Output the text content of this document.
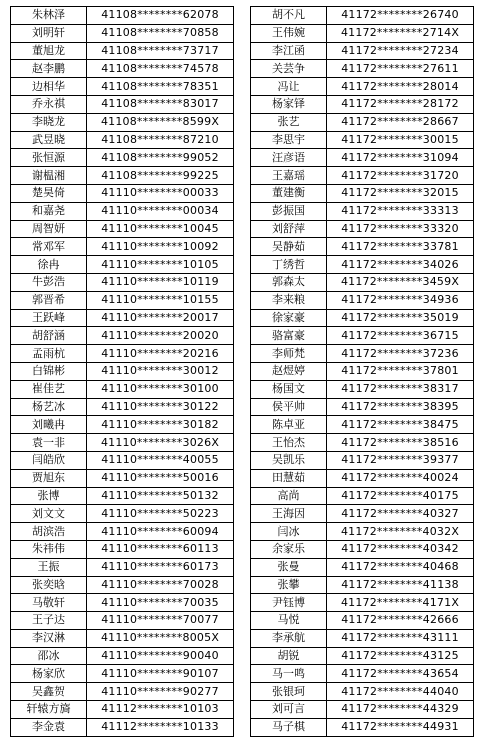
朱林泽	41108********62078
刘明轩	41108********70858
董旭龙	41108********73717
赵李鹏	41108********74578
边相华	41108********78351
乔永祺	41108********83017
李晓龙	41108********8599X
武昱晓	41108********87210
张恒源	41108********99052
谢榅湘	41108********99225
楚昊倚	41110********00033
和嘉尧	41110********00034
周智妍	41110********10045
常邓军	41110********10092
徐冉	41110********10105
牛彭浩	41110********10119
郭晋希	41110********10155
王跃峰	41110********20017
胡舒涵	41110********20020
孟雨杭	41110********20216
白锦彬	41110********30012
崔佳艺	41110********30100
杨艺冰	41110********30122
刘曦冉	41110********30182
袁一非	41110********3026X
闫皓欣	41110********40055
贾旭东	41110********50016
张博	41110********50132
刘文文	41110********50223
胡滨浩	41110********60094
朱祎伟	41110********60113
王振	41110********60173
张奕晗	41110********70028
马敬轩	41110********70035
王子达	41110********70077
李汉淋	41110********8005X
邵冰	41110********90040
杨家欣	41110********90107
吴鑫贺	41110********90277
轩辕方旖	41112********10103
李金袁	41112********10133
胡不凡	41172********26740
王伟婉	41172********2714X
李江函	41172********27234
关芸争	41172********27611
冯让	41172********28014
杨家铎	41172********28172
张艺	41172********28667
李思宇	41172********30015
汪彦语	41172********31094
王嘉瑶	41172********31720
董建衡	41172********32015
彭振国	41172********33313
刘舒萍	41172********33320
吴静茹	41172********33781
丁绣哲	41172********34026
郭森太	41172********3459X
李来粮	41172********34936
徐家豪	41172********35019
骆富豪	41172********36715
李师梵	41172********37236
赵煜婷	41172********37801
杨国文	41172********38317
侯平帅	41172********38395
陈卓亚	41172********38475
王怡杰	41172********38516
吴凯乐	41172********39377
田慧茹	41172********40024
高尚	41172********40175
王海因	41172********40327
闫冰	41172********4032X
余家乐	41172********40342
张曼	41172********40468
张攀	41172********41138
尹钰博	41172********4171X
马悦	41172********42666
李承航	41172********43111
胡锐	41172********43125
马一鸣	41172********43654
张银珂	41172********44040
刘可言	41172********44329
马子棋	41172********44931
